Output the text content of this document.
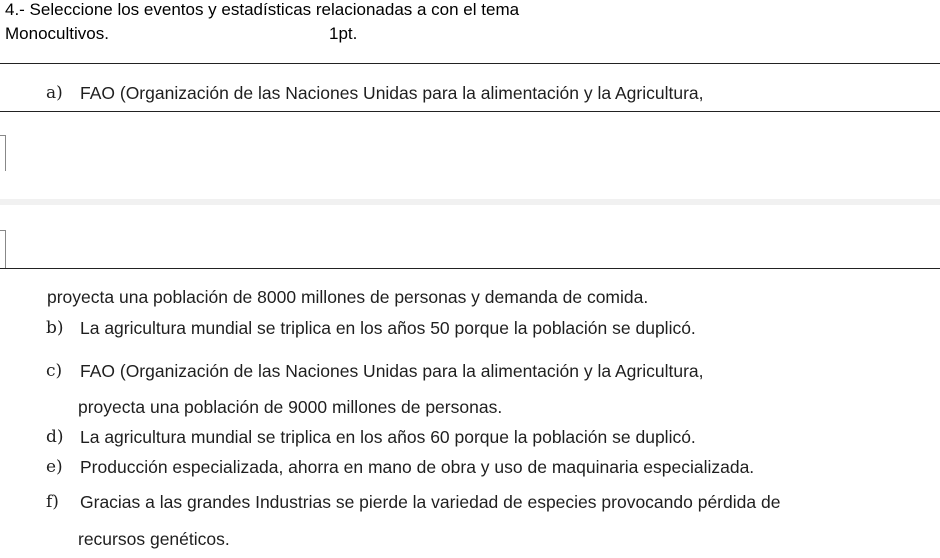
4.- Seleccione los eventos y estadísticas relacionadas a con el tema
Monocultivos.	1pt.
a) FAO (Organización de las Naciones Unidas para la alimentación y la Agricultura,
proyecta una población de 8000 millones de personas y demanda de comida.
b) La agricultura mundial se triplica en los años 50 porque la población se duplicó.
c) FAO (Organización de las Naciones Unidas para la alimentación y la Agricultura,
proyecta una población de 9000 millones de personas.
d) La agricultura mundial se triplica en los años 60 porque la población se duplicó.
e) Producción especializada, ahorra en mano de obra y uso de maquinaria especializada.
f) Gracias a las grandes Industrias se pierde la variedad de especies provocando pérdida de
recursos genéticos.
